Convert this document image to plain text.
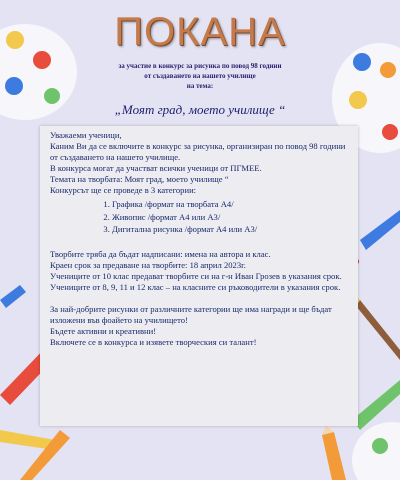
ПОКАНА
за участие в конкурс за рисунка по повод 98 години
от създаването на нашето училище
на тема:
„Моят град, моето училище “

Уважаеми ученици,

Каним Ви да се включите в конкурс за рисунка, организиран по повод 98 години от създаването на нашето училище.

В конкурса могат да участват всички ученици от ПГМЕЕ.

Темата на творбата: Моят град, моето училище “

Конкурсът ще се проведе в 3 категории:

1. Графика /формат на творбата А4/
2. Живопис /формат А4 или А3/
3. Дигитална рисунка /формат А4 или А3/

Творбите тряба да бъдат надписани: имена на автора и клас.

Краен срок за предаване на творбите: 18 април 2023г.

Учениците от 10 клас предават творбите си на г-н Иван Грозев в указания срок.

Учениците от 8, 9, 11 и 12 клас – на класните си ръководители в указания срок.

За най-добрите рисунки от различните категории ще има награди и ще бъдат изложени във фоайето на училището!

Бъдете активни и креативни!

Включете се в конкурса и изявете творческия си талант!
